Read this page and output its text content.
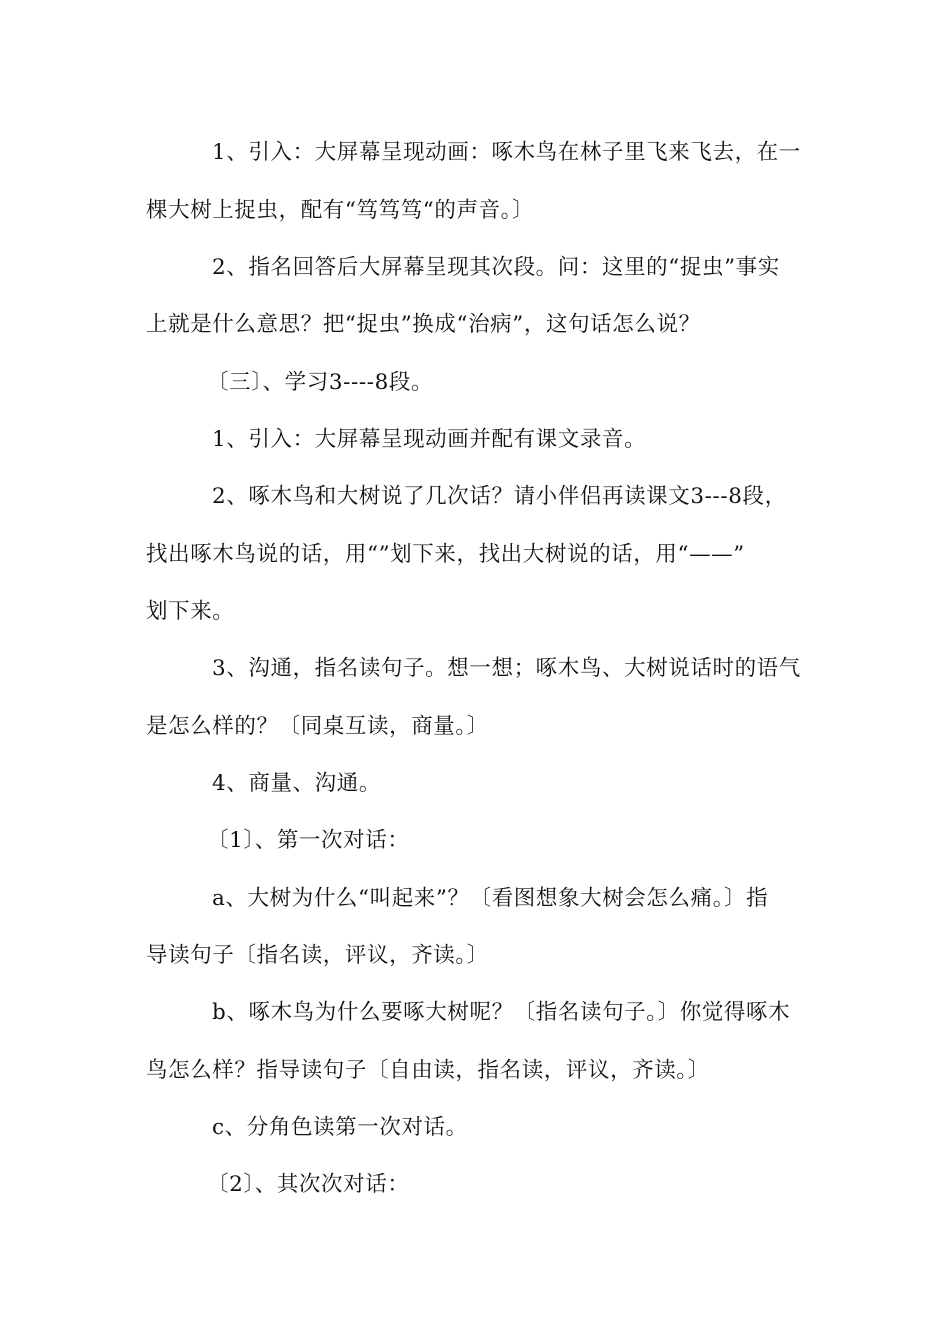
1、引入：大屏幕呈现动画：啄木鸟在林子里飞来飞去，在一
棵大树上捉虫，配有“笃笃笃“的声音。〕
2、指名回答后大屏幕呈现其次段。问：这里的“捉虫”事实
上就是什么意思？把“捉虫”换成“治病”，这句话怎么说？
〔三〕、学习3----8段。
1、引入：大屏幕呈现动画并配有课文录音。
2、啄木鸟和大树说了几次话？请小伴侣再读课文3---8段，
找出啄木鸟说的话，用“”划下来，找出大树说的话，用“——”
划下来。
3、沟通，指名读句子。想一想；啄木鸟、大树说话时的语气
是怎么样的？〔同桌互读，商量。〕
4、商量、沟通。
〔1〕、第一次对话：
a、大树为什么“叫起来”？〔看图想象大树会怎么痛。〕指
导读句子〔指名读，评议，齐读。〕
b、啄木鸟为什么要啄大树呢？〔指名读句子。〕你觉得啄木
鸟怎么样？指导读句子〔自由读，指名读，评议，齐读。〕
c、分角色读第一次对话。
〔2〕、其次次对话：
